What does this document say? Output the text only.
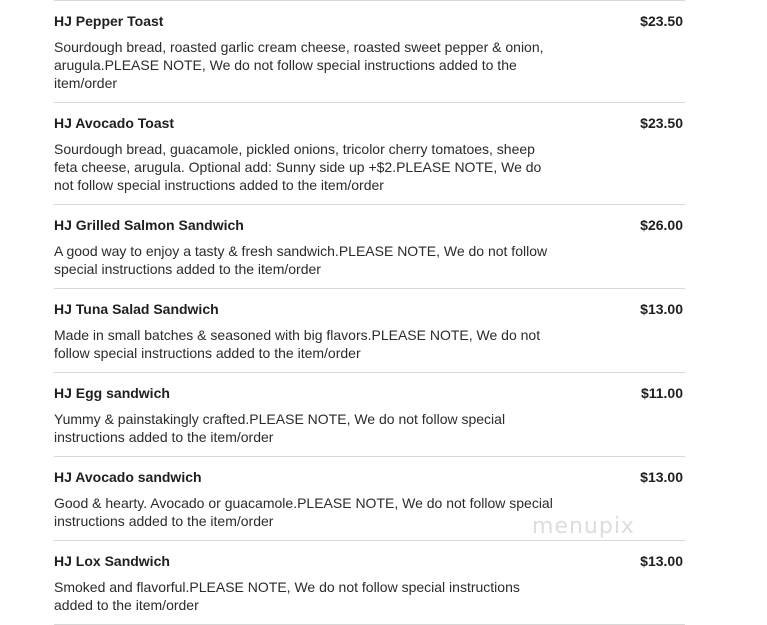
HJ Pepper Toast
Sourdough bread, roasted garlic cream cheese, roasted sweet pepper & onion, arugula.PLEASE NOTE, We do not follow special instructions added to the item/order
$23.50
HJ Avocado Toast
Sourdough bread, guacamole, pickled onions, tricolor cherry tomatoes, sheep feta cheese, arugula. Optional add: Sunny side up +$2.PLEASE NOTE, We do not follow special instructions added to the item/order
$23.50
HJ Grilled Salmon Sandwich
A good way to enjoy a tasty & fresh sandwich.PLEASE NOTE, We do not follow special instructions added to the item/order
$26.00
HJ Tuna Salad Sandwich
Made in small batches & seasoned with big flavors.PLEASE NOTE, We do not follow special instructions added to the item/order
$13.00
HJ Egg sandwich
Yummy & painstakingly crafted.PLEASE NOTE, We do not follow special instructions added to the item/order
$11.00
HJ Avocado sandwich
Good & hearty. Avocado or guacamole.PLEASE NOTE, We do not follow special instructions added to the item/order
$13.00
HJ Lox Sandwich
Smoked and flavorful.PLEASE NOTE, We do not follow special instructions added to the item/order
$13.00
menupix
